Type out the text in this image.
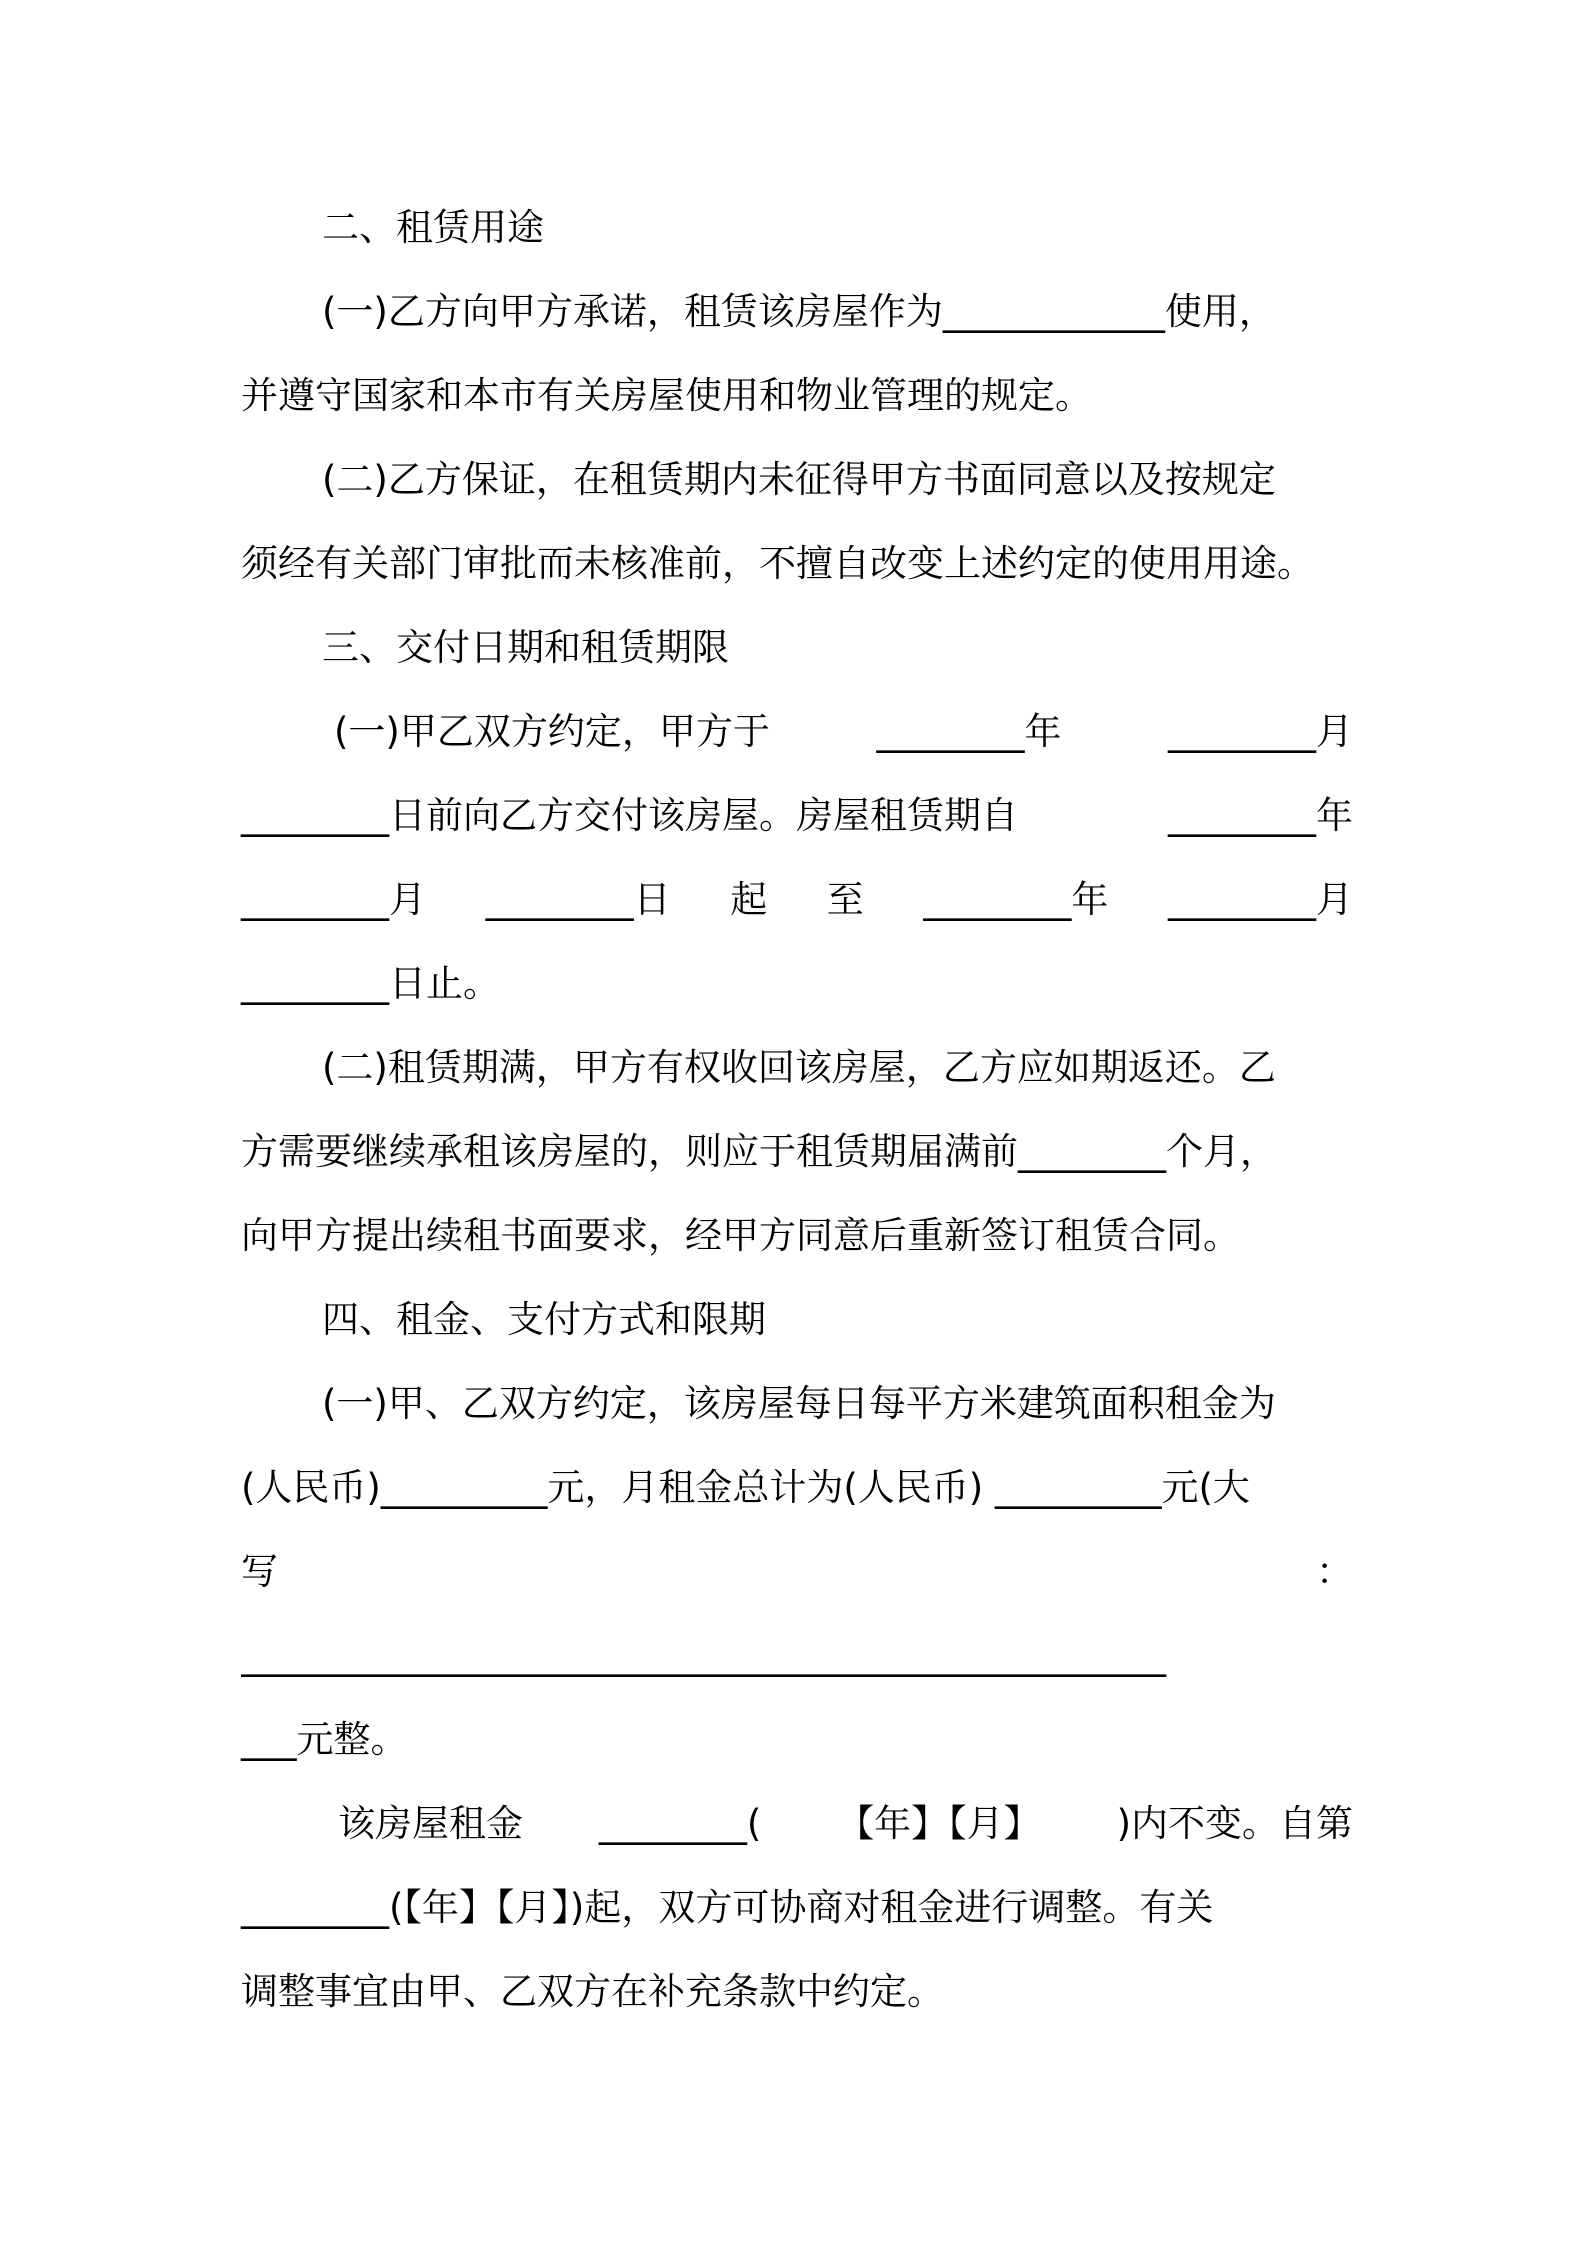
二、租赁用途
(一)乙方向甲方承诺，租赁该房屋作为____________使用，
并遵守国家和本市有关房屋使用和物业管理的规定。
(二)乙方保证，在租赁期内未征得甲方书面同意以及按规定
须经有关部门审批而未核准前，不擅自改变上述约定的使用用途。
三、交付日期和租赁期限
(一)甲乙双方约定，甲方于	________年	________月
________日前向乙方交付该房屋。房屋租赁期自	________年
________月 ________日 起 至 ________年 ________月
________日止。
(二)租赁期满，甲方有权收回该房屋，乙方应如期返还。乙
方需要继续承租该房屋的，则应于租赁期届满前________个月，
向甲方提出续租书面要求，经甲方同意后重新签订租赁合同。
四、租金、支付方式和限期
(一)甲、乙双方约定，该房屋每日每平方米建筑面积租金为
(人民币)_________元，月租金总计为(人民币) _________元(大
写	：
__________________________________________________
___元整。
该房屋租金 ________( 【年】【月】 )内不变。自第
________(【年】【月】)起，双方可协商对租金进行调整。有关
调整事宜由甲、乙双方在补充条款中约定。
